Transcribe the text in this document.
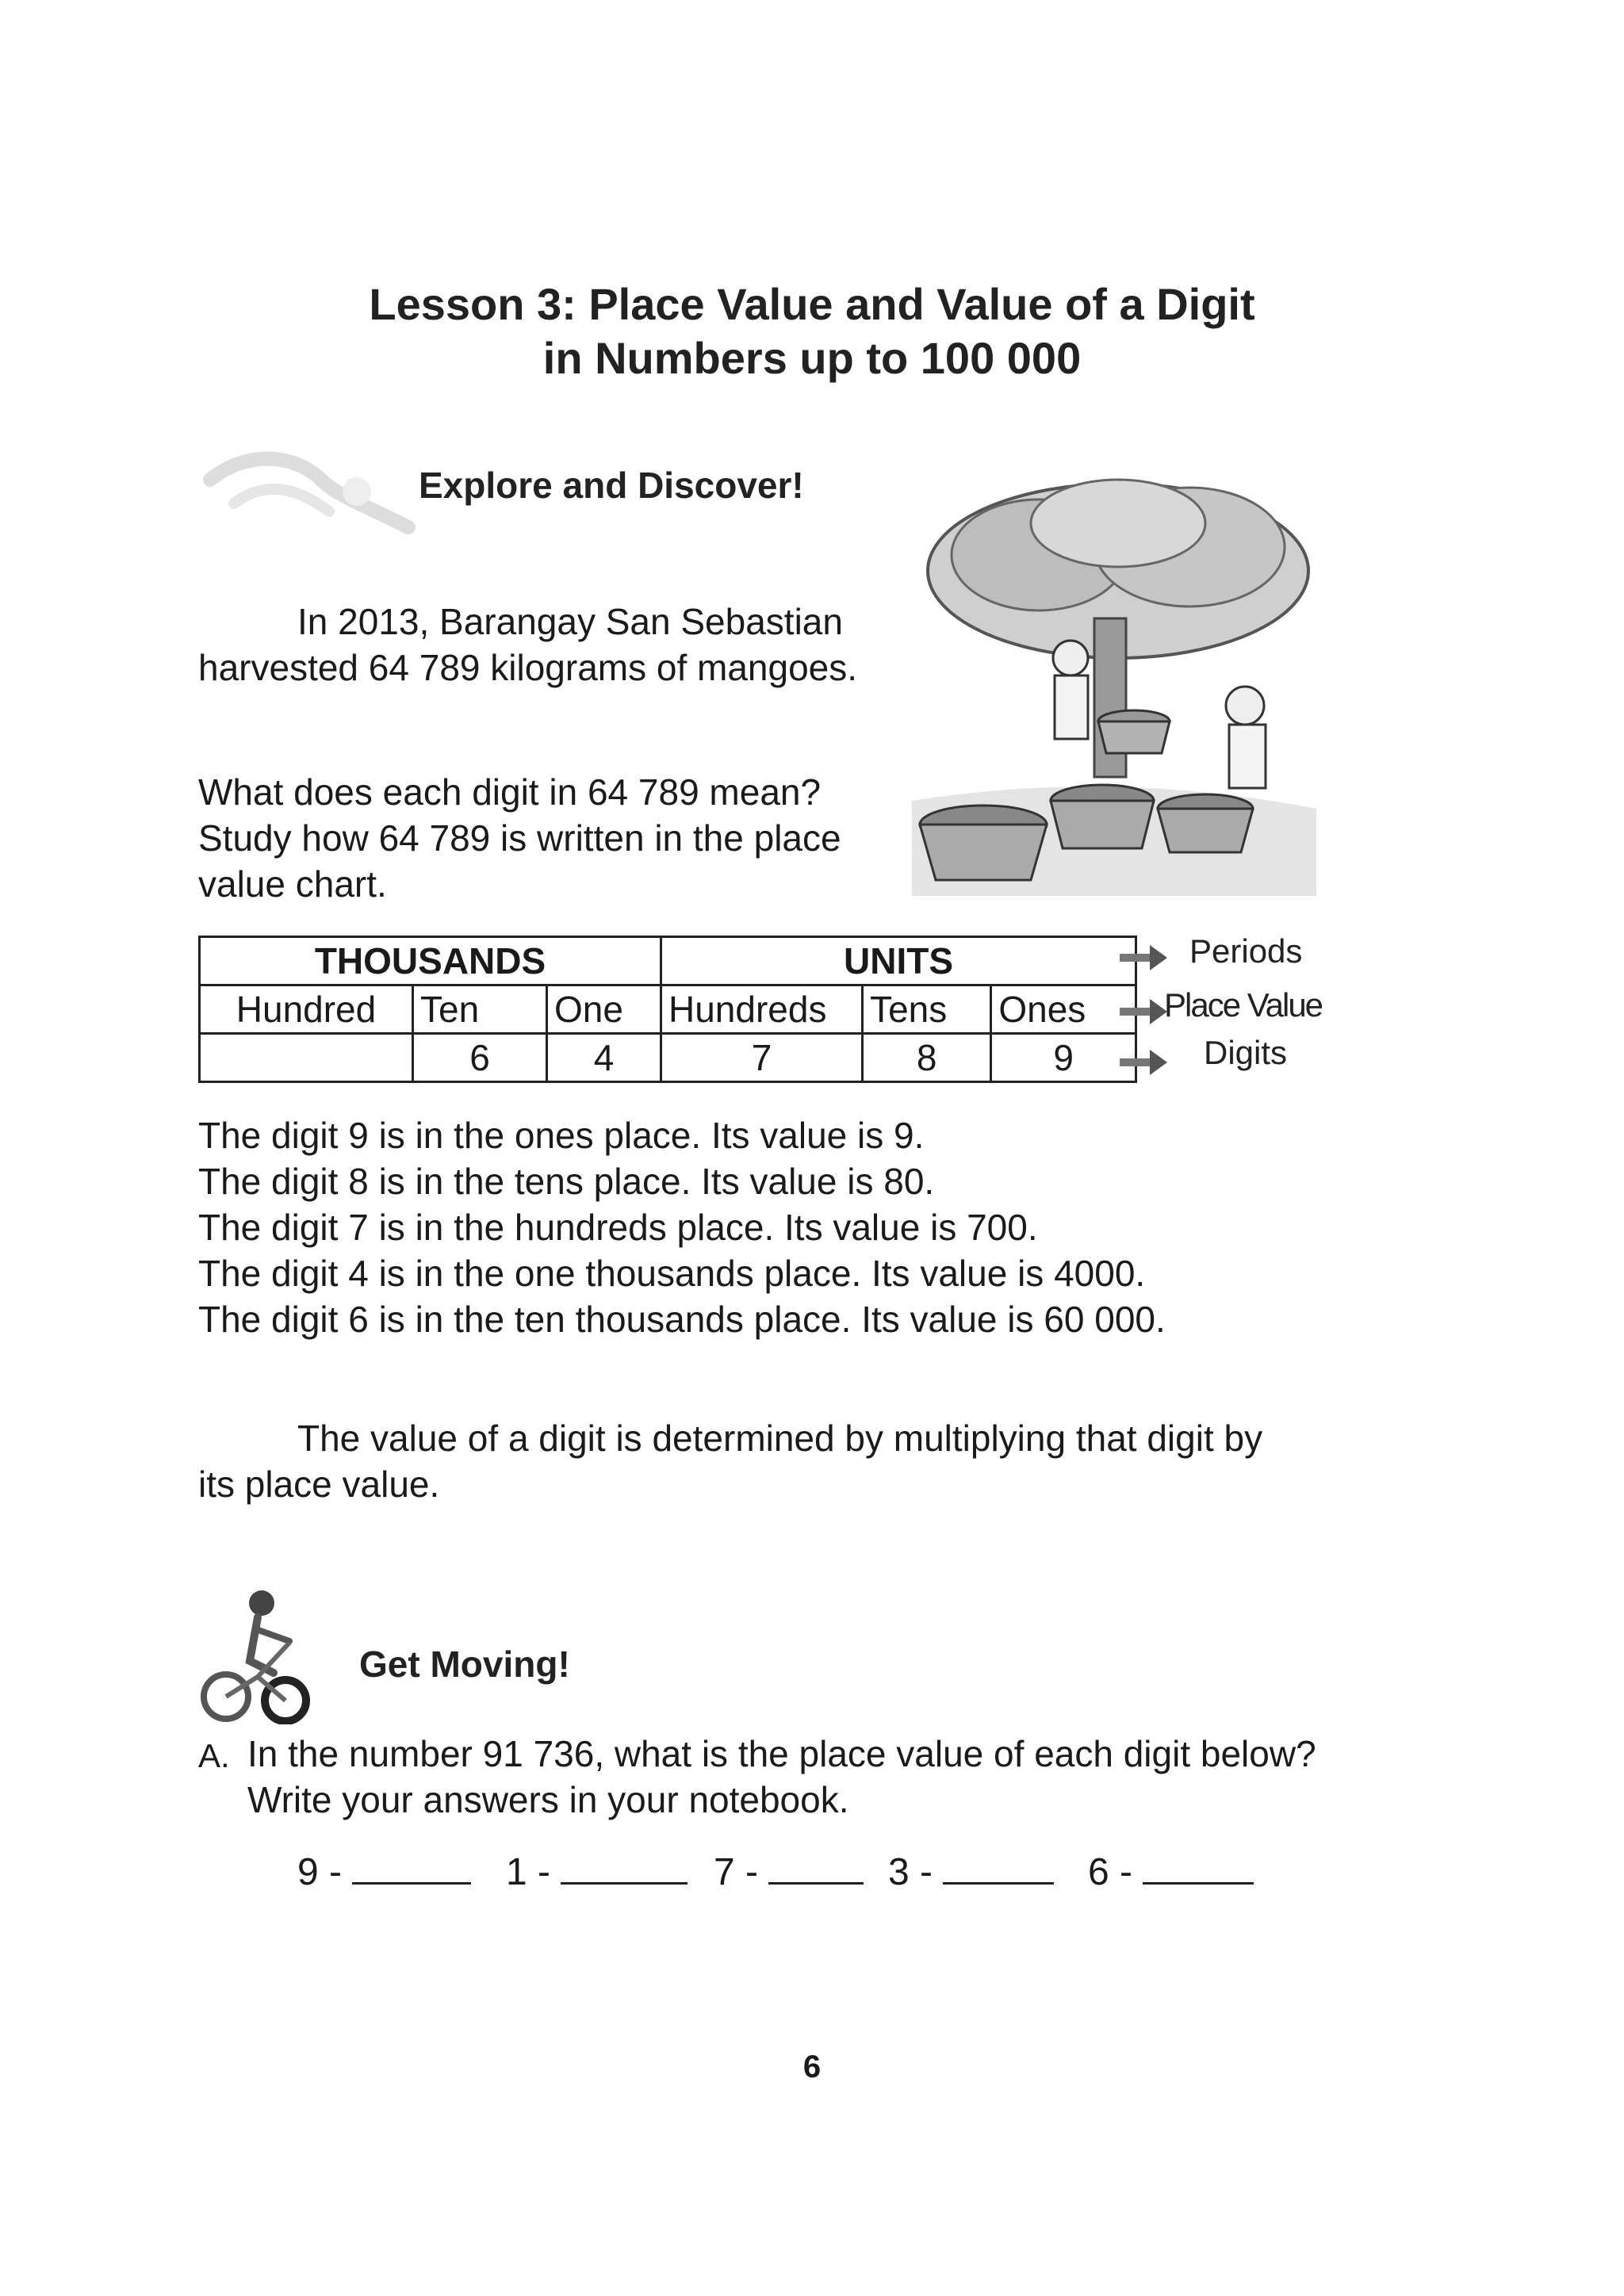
Lesson 3: Place Value and Value of a Digit
in Numbers up to 100 000
Explore and Discover!
In 2013, Barangay San Sebastian
harvested 64 789 kilograms of mangoes.
What does each digit in 64 789 mean?
Study how 64 789 is written in the place
value chart.
THOUSANDS			UNITS		
Hundred	Ten	One	Hundreds	Tens	Ones
	6	4	7	8	9
Periods
Place Value
Digits
The digit 9 is in the ones place. Its value is 9.
The digit 8 is in the tens place. Its value is 80.
The digit 7 is in the hundreds place. Its value is 700.
The digit 4 is in the one thousands place. Its value is 4000.
The digit 6 is in the ten thousands place. Its value is 60 000.
The value of a digit is determined by multiplying that digit by
its place value.
Get Moving!
A. In the number 91 736, what is the place value of each digit below?
Write your answers in your notebook.
9 -	1 -	7 -	3 -	6 -
6
